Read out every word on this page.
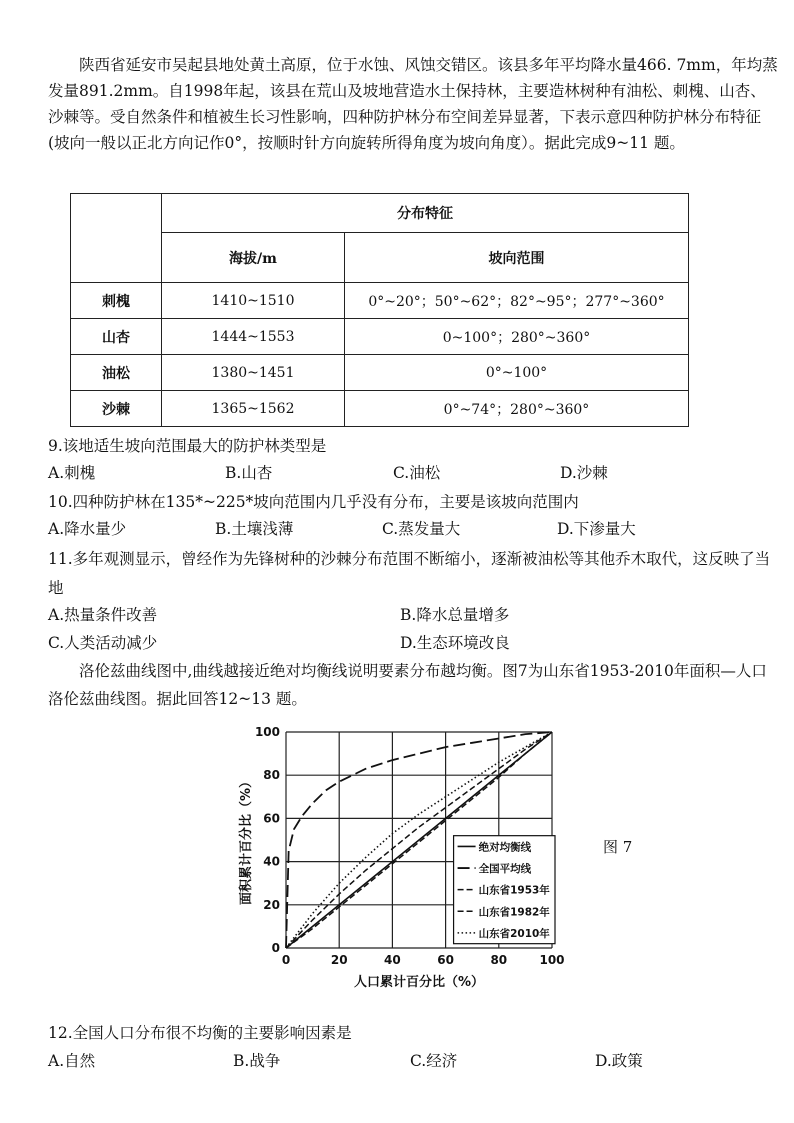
陕西省延安市吴起县地处黄土高原，位于水蚀、风蚀交错区。该县多年平均降水量466. 7mm，年均蒸发量891.2mm。自1998年起，该县在荒山及坡地营造水土保持林，主要造林树种有油松、刺槐、山杏、沙棘等。受自然条件和植被生长习性影响，四种防护林分布空间差异显著，下表示意四种防护林分布特征(坡向一般以正北方向记作0°，按顺时针方向旋转所得角度为坡向角度）。据此完成9~11 题。

	分布特征	
	海拔/m	坡向范围
刺槐	1410~1510	0°~20°；50°~62°；82°~95°；277°~360°
山杏	1444~1553	0~100°；280°~360°
油松	1380~1451	0°~100°
沙棘	1365~1562	0°~74°；280°~360°
9.该地适生坡向范围最大的防护林类型是
A.刺槐	B.山杏	C.油松	D.沙棘
10.四种防护林在135*~225*坡向范围内几乎没有分布，主要是该坡向范围内
A.降水量少	B.土壤浅薄	C.蒸发量大	D.下渗量大

11.多年观测显示，曾经作为先锋树种的沙棘分布范围不断缩小，逐渐被油松等其他乔木取代，这反映了当地

A.热量条件改善	B.降水总量增多
C.人类活动减少	D.生态环境改良

洛伦兹曲线图中,曲线越接近绝对均衡线说明要素分布越均衡。图7为山东省1953-2010年面积—人口洛伦兹曲线图。据此回答12~13 题。

0	20	40	60	80	100
0
20
40
60
80
100
人口累计百分比（%）
面积累计百分比（%）	绝对均衡线
全国平均线
山东省1953年
山东省1982年
山东省2010年
图 7
12.全国人口分布很不均衡的主要影响因素是
A.自然	B.战争	C.经济	D.政策
